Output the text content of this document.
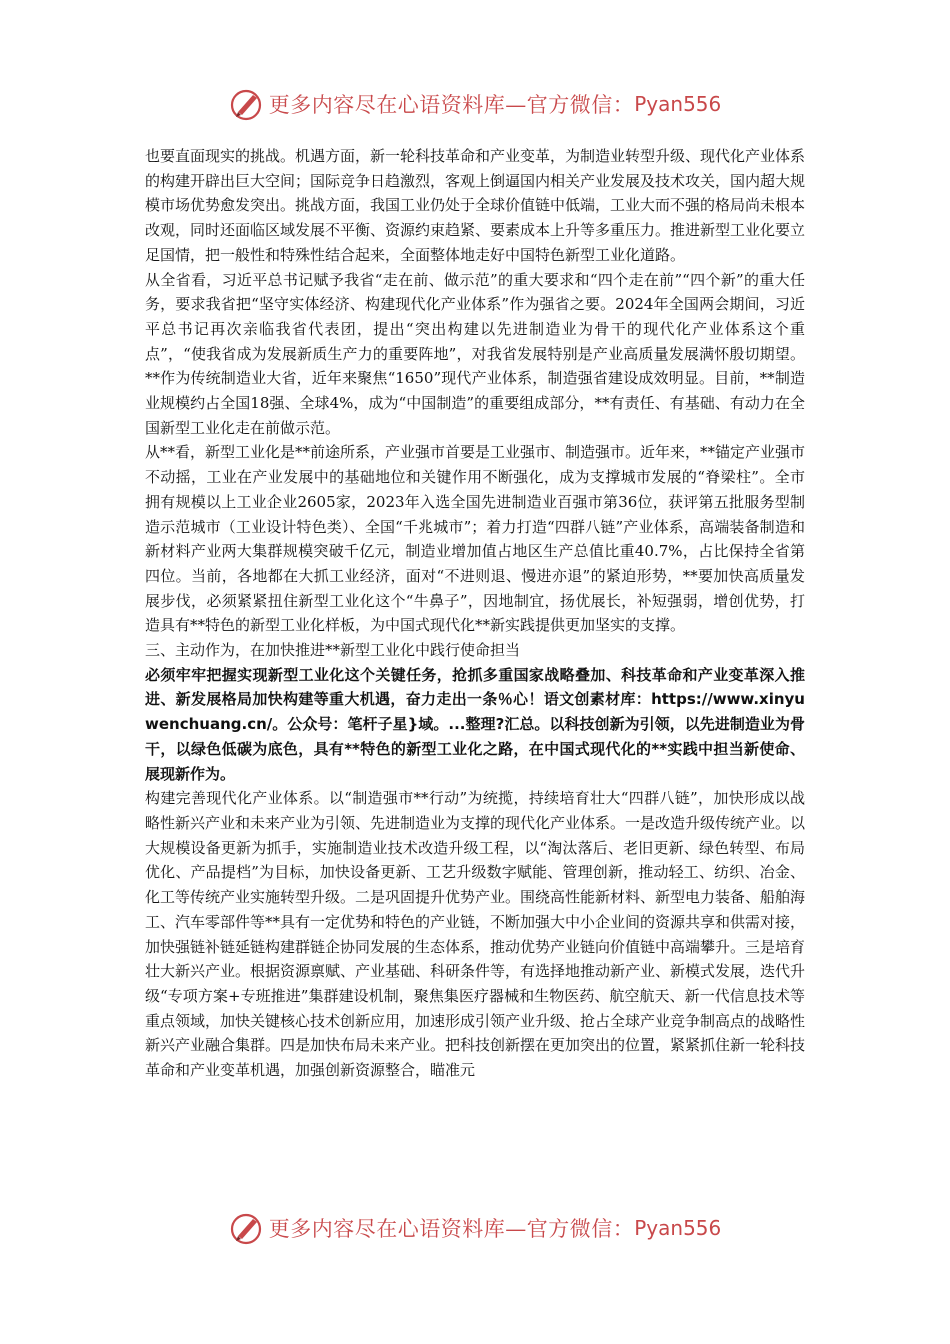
更多内容尽在心语资料库—官方微信： Pyan556

也要直面现实的挑战。机遇方面，新一轮科技革命和产业变革，为制造业转型升级、现代化产业体系的构建开辟出巨大空间；国际竞争日趋激烈，客观上倒逼国内相关产业发展及技术攻关，国内超大规模市场优势愈发突出。挑战方面，我国工业仍处于全球价值链中低端，工业大而不强的格局尚未根本改观，同时还面临区域发展不平衡、资源约束趋紧、要素成本上升等多重压力。推进新型工业化要立足国情，把一般性和特殊性结合起来，全面整体地走好中国特色新型工业化道路。

从全省看，习近平总书记赋予我省“走在前、做示范”的重大要求和“四个走在前”“四个新”的重大任务，要求我省把“坚守实体经济、构建现代化产业体系”作为强省之要。2024年全国两会期间，习近平总书记再次亲临我省代表团，提出“突出构建以先进制造业为骨干的现代化产业体系这个重点”，“使我省成为发展新质生产力的重要阵地”，对我省发展特别是产业高质量发展满怀殷切期望。**作为传统制造业大省，近年来聚焦“1650”现代产业体系，制造强省建设成效明显。目前，**制造业规模约占全国18强、全球4%，成为“中国制造”的重要组成部分，**有责任、有基础、有动力在全国新型工业化走在前做示范。

从**看，新型工业化是**前途所系，产业强市首要是工业强市、制造强市。近年来，**锚定产业强市不动摇，工业在产业发展中的基础地位和关键作用不断强化，成为支撑城市发展的“脊梁柱”。全市拥有规模以上工业企业2605家，2023年入选全国先进制造业百强市第36位，获评第五批服务型制造示范城市（工业设计特色类）、全国“千兆城市”；着力打造“四群八链”产业体系，高端装备制造和新材料产业两大集群规模突破千亿元，制造业增加值占地区生产总值比重40.7%，占比保持全省第四位。当前，各地都在大抓工业经济，面对“不进则退、慢进亦退”的紧迫形势，**要加快高质量发展步伐，必须紧紧扭住新型工业化这个“牛鼻子”，因地制宜，扬优展长，补短强弱，增创优势，打造具有**特色的新型工业化样板，为中国式现代化**新实践提供更加坚实的支撑。

三、主动作为，在加快推进**新型工业化中践行使命担当

必须牢牢把握实现新型工业化这个关键任务，抢抓多重国家战略叠加、科技革命和产业变革深入推进、新发展格局加快构建等重大机遇，奋力走出一条％心！语文创素材库：https://www.xinyuwenchuang.cn/。公众号：笔杆子星}域。...整理?汇总。以科技创新为引领，以先进制造业为骨干，以绿色低碳为底色，具有**特色的新型工业化之路，在中国式现代化的**实践中担当新使命、展现新作为。

构建完善现代化产业体系。以“制造强市**行动”为统揽，持续培育壮大“四群八链”，加快形成以战略性新兴产业和未来产业为引领、先进制造业为支撑的现代化产业体系。一是改造升级传统产业。以大规模设备更新为抓手，实施制造业技术改造升级工程，以“淘汰落后、老旧更新、绿色转型、布局优化、产品提档”为目标，加快设备更新、工艺升级数字赋能、管理创新，推动轻工、纺织、冶金、化工等传统产业实施转型升级。二是巩固提升优势产业。围绕高性能新材料、新型电力装备、船舶海工、汽车零部件等**具有一定优势和特色的产业链，不断加强大中小企业间的资源共享和供需对接，加快强链补链延链构建群链企协同发展的生态体系，推动优势产业链向价值链中高端攀升。三是培育壮大新兴产业。根据资源禀赋、产业基础、科研条件等，有选择地推动新产业、新模式发展，迭代升级“专项方案+专班推进”集群建设机制，聚焦集医疗器械和生物医药、航空航天、新一代信息技术等重点领域，加快关键核心技术创新应用，加速形成引领产业升级、抢占全球产业竞争制高点的战略性新兴产业融合集群。四是加快布局未来产业。把科技创新摆在更加突出的位置，紧紧抓住新一轮科技革命和产业变革机遇，加强创新资源整合，瞄准元

更多内容尽在心语资料库—官方微信： Pyan556
